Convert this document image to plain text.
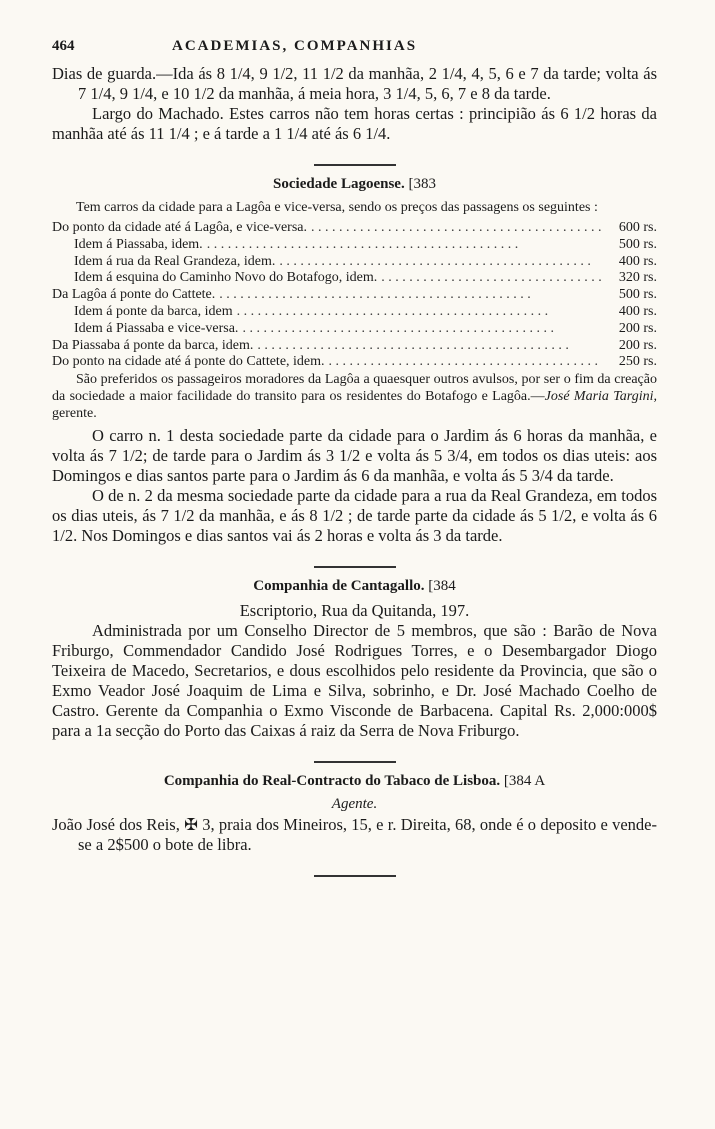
464	ACADEMIAS, COMPANHIAS

Dias de guarda.—Ida ás 8 1/4, 9 1/2, 11 1/2 da manhãa, 2 1/4, 4, 5, 6 e 7 da tarde; volta ás 7 1/4, 9 1/4, e 10 1/2 da manhãa, á meia hora, 3 1/4, 5, 6, 7 e 8 da tarde.

Largo do Machado. Estes carros não tem horas certas : principião ás 6 1/2 horas da manhãa até ás 11 1/4 ; e á tarde a 1 1/4 até ás 6 1/4.

Sociedade Lagoense. [383

Tem carros da cidade para a Lagôa e vice-versa, sendo os preços das passagens os seguintes :

Do ponto da cidade até á Lagôa, e vice-versa. . . .	600 rs.
Idem á Piassaba, idem. . . .	500 rs.
Idem á rua da Real Grandeza, idem. . . .	400 rs.
Idem á esquina do Caminho Novo do Botafogo, idem. . . .	320 rs.
Da Lagôa á ponte do Cattete. . . .	500 rs.
Idem á ponte da barca, idem . . .	400 rs.
Idem á Piassaba e vice-versa. . . .	200 rs.
Da Piassaba á ponte da barca, idem. . . .	200 rs.
Do ponto na cidade até á ponte do Cattete, idem. . . .	250 rs.

São preferidos os passageiros moradores da Lagôa a quaesquer outros avulsos, por ser o fim da creação da sociedade a maior facilidade do transito para os residentes do Botafogo e Lagôa.—José Maria Targini, gerente.

O carro n. 1 desta sociedade parte da cidade para o Jardim ás 6 horas da manhãa, e volta ás 7 1/2; de tarde para o Jardim ás 3 1/2 e volta ás 5 3/4, em todos os dias uteis: aos Domingos e dias santos parte para o Jardim ás 6 da manhãa, e volta ás 5 3/4 da tarde.

O de n. 2 da mesma sociedade parte da cidade para a rua da Real Grandeza, em todos os dias uteis, ás 7 1/2 da manhãa, e ás 8 1/2 ; de tarde parte da cidade ás 5 1/2, e volta ás 6 1/2. Nos Domingos e dias santos vai ás 2 horas e volta ás 3 da tarde.

Companhia de Cantagallo. [384

Escriptorio, Rua da Quitanda, 197.

Administrada por um Conselho Director de 5 membros, que são : Barão de Nova Friburgo, Commendador Candido José Rodrigues Torres, e o Desembargador Diogo Teixeira de Macedo, Secretarios, e dous escolhidos pelo residente da Provincia, que são o Exmo Veador José Joaquim de Lima e Silva, sobrinho, e Dr. José Machado Coelho de Castro. Gerente da Companhia o Exmo Visconde de Barbacena. Capital Rs. 2,000:000$ para a 1a secção do Porto das Caixas á raiz da Serra de Nova Friburgo.

Companhia do Real-Contracto do Tabaco de Lisboa. [384 A
Agente.

João José dos Reis, ✠ 3, praia dos Mineiros, 15, e r. Direita, 68, onde é o deposito e vende-se a 2$500 o bote de libra.
